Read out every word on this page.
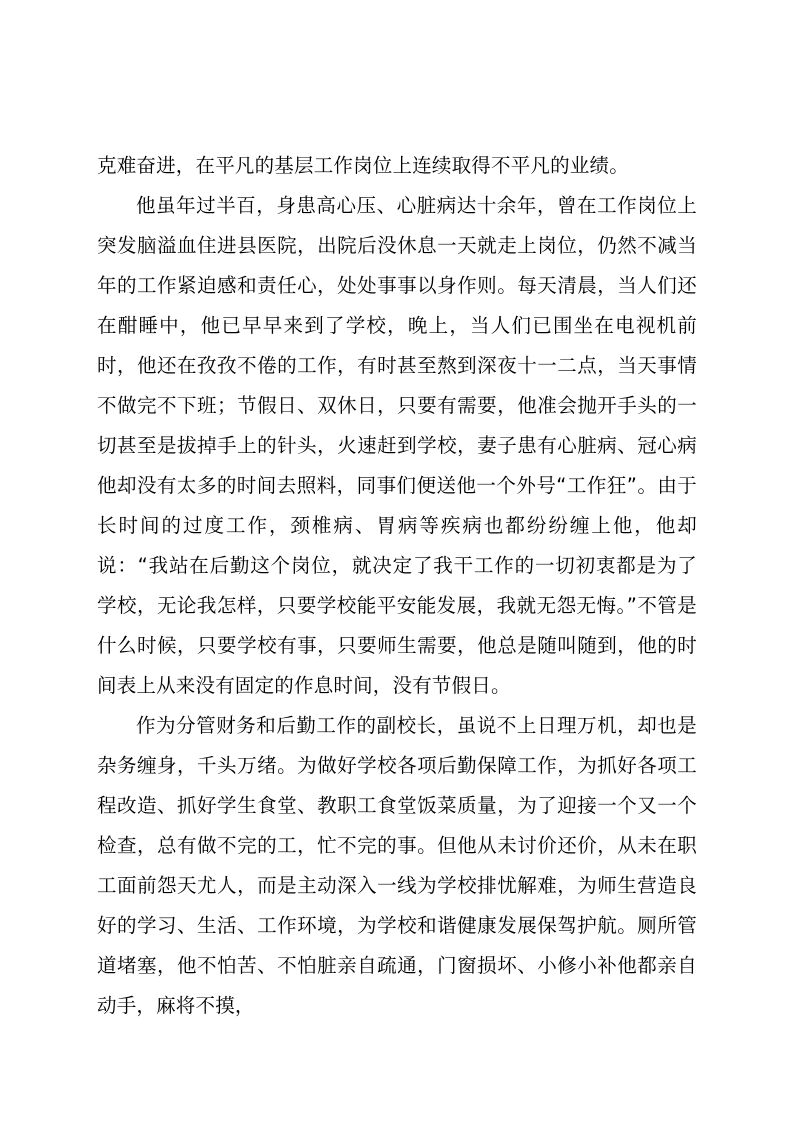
克难奋进，在平凡的基层工作岗位上连续取得不平凡的业绩。

他虽年过半百，身患高心压、心脏病达十余年，曾在工作岗位上突发脑溢血住进县医院，出院后没休息一天就走上岗位，仍然不减当年的工作紧迫感和责任心，处处事事以身作则。每天清晨，当人们还在酣睡中，他已早早来到了学校，晚上，当人们已围坐在电视机前时，他还在孜孜不倦的工作，有时甚至熬到深夜十一二点，当天事情不做完不下班；节假日、双休日，只要有需要，他准会抛开手头的一切甚至是拔掉手上的针头，火速赶到学校，妻子患有心脏病、冠心病他却没有太多的时间去照料，同事们便送他一个外号“工作狂”。由于长时间的过度工作，颈椎病、胃病等疾病也都纷纷缠上他，他却说：“我站在后勤这个岗位，就决定了我干工作的一切初衷都是为了学校，无论我怎样，只要学校能平安能发展，我就无怨无悔。”不管是什么时候，只要学校有事，只要师生需要，他总是随叫随到，他的时间表上从来没有固定的作息时间，没有节假日。

作为分管财务和后勤工作的副校长，虽说不上日理万机，却也是杂务缠身，千头万绪。为做好学校各项后勤保障工作，为抓好各项工程改造、抓好学生食堂、教职工食堂饭菜质量，为了迎接一个又一个检查，总有做不完的工，忙不完的事。但他从未讨价还价，从未在职工面前怨天尤人，而是主动深入一线为学校排忧解难，为师生营造良好的学习、生活、工作环境，为学校和谐健康发展保驾护航。厕所管道堵塞，他不怕苦、不怕脏亲自疏通，门窗损坏、小修小补他都亲自动手，麻将不摸，
